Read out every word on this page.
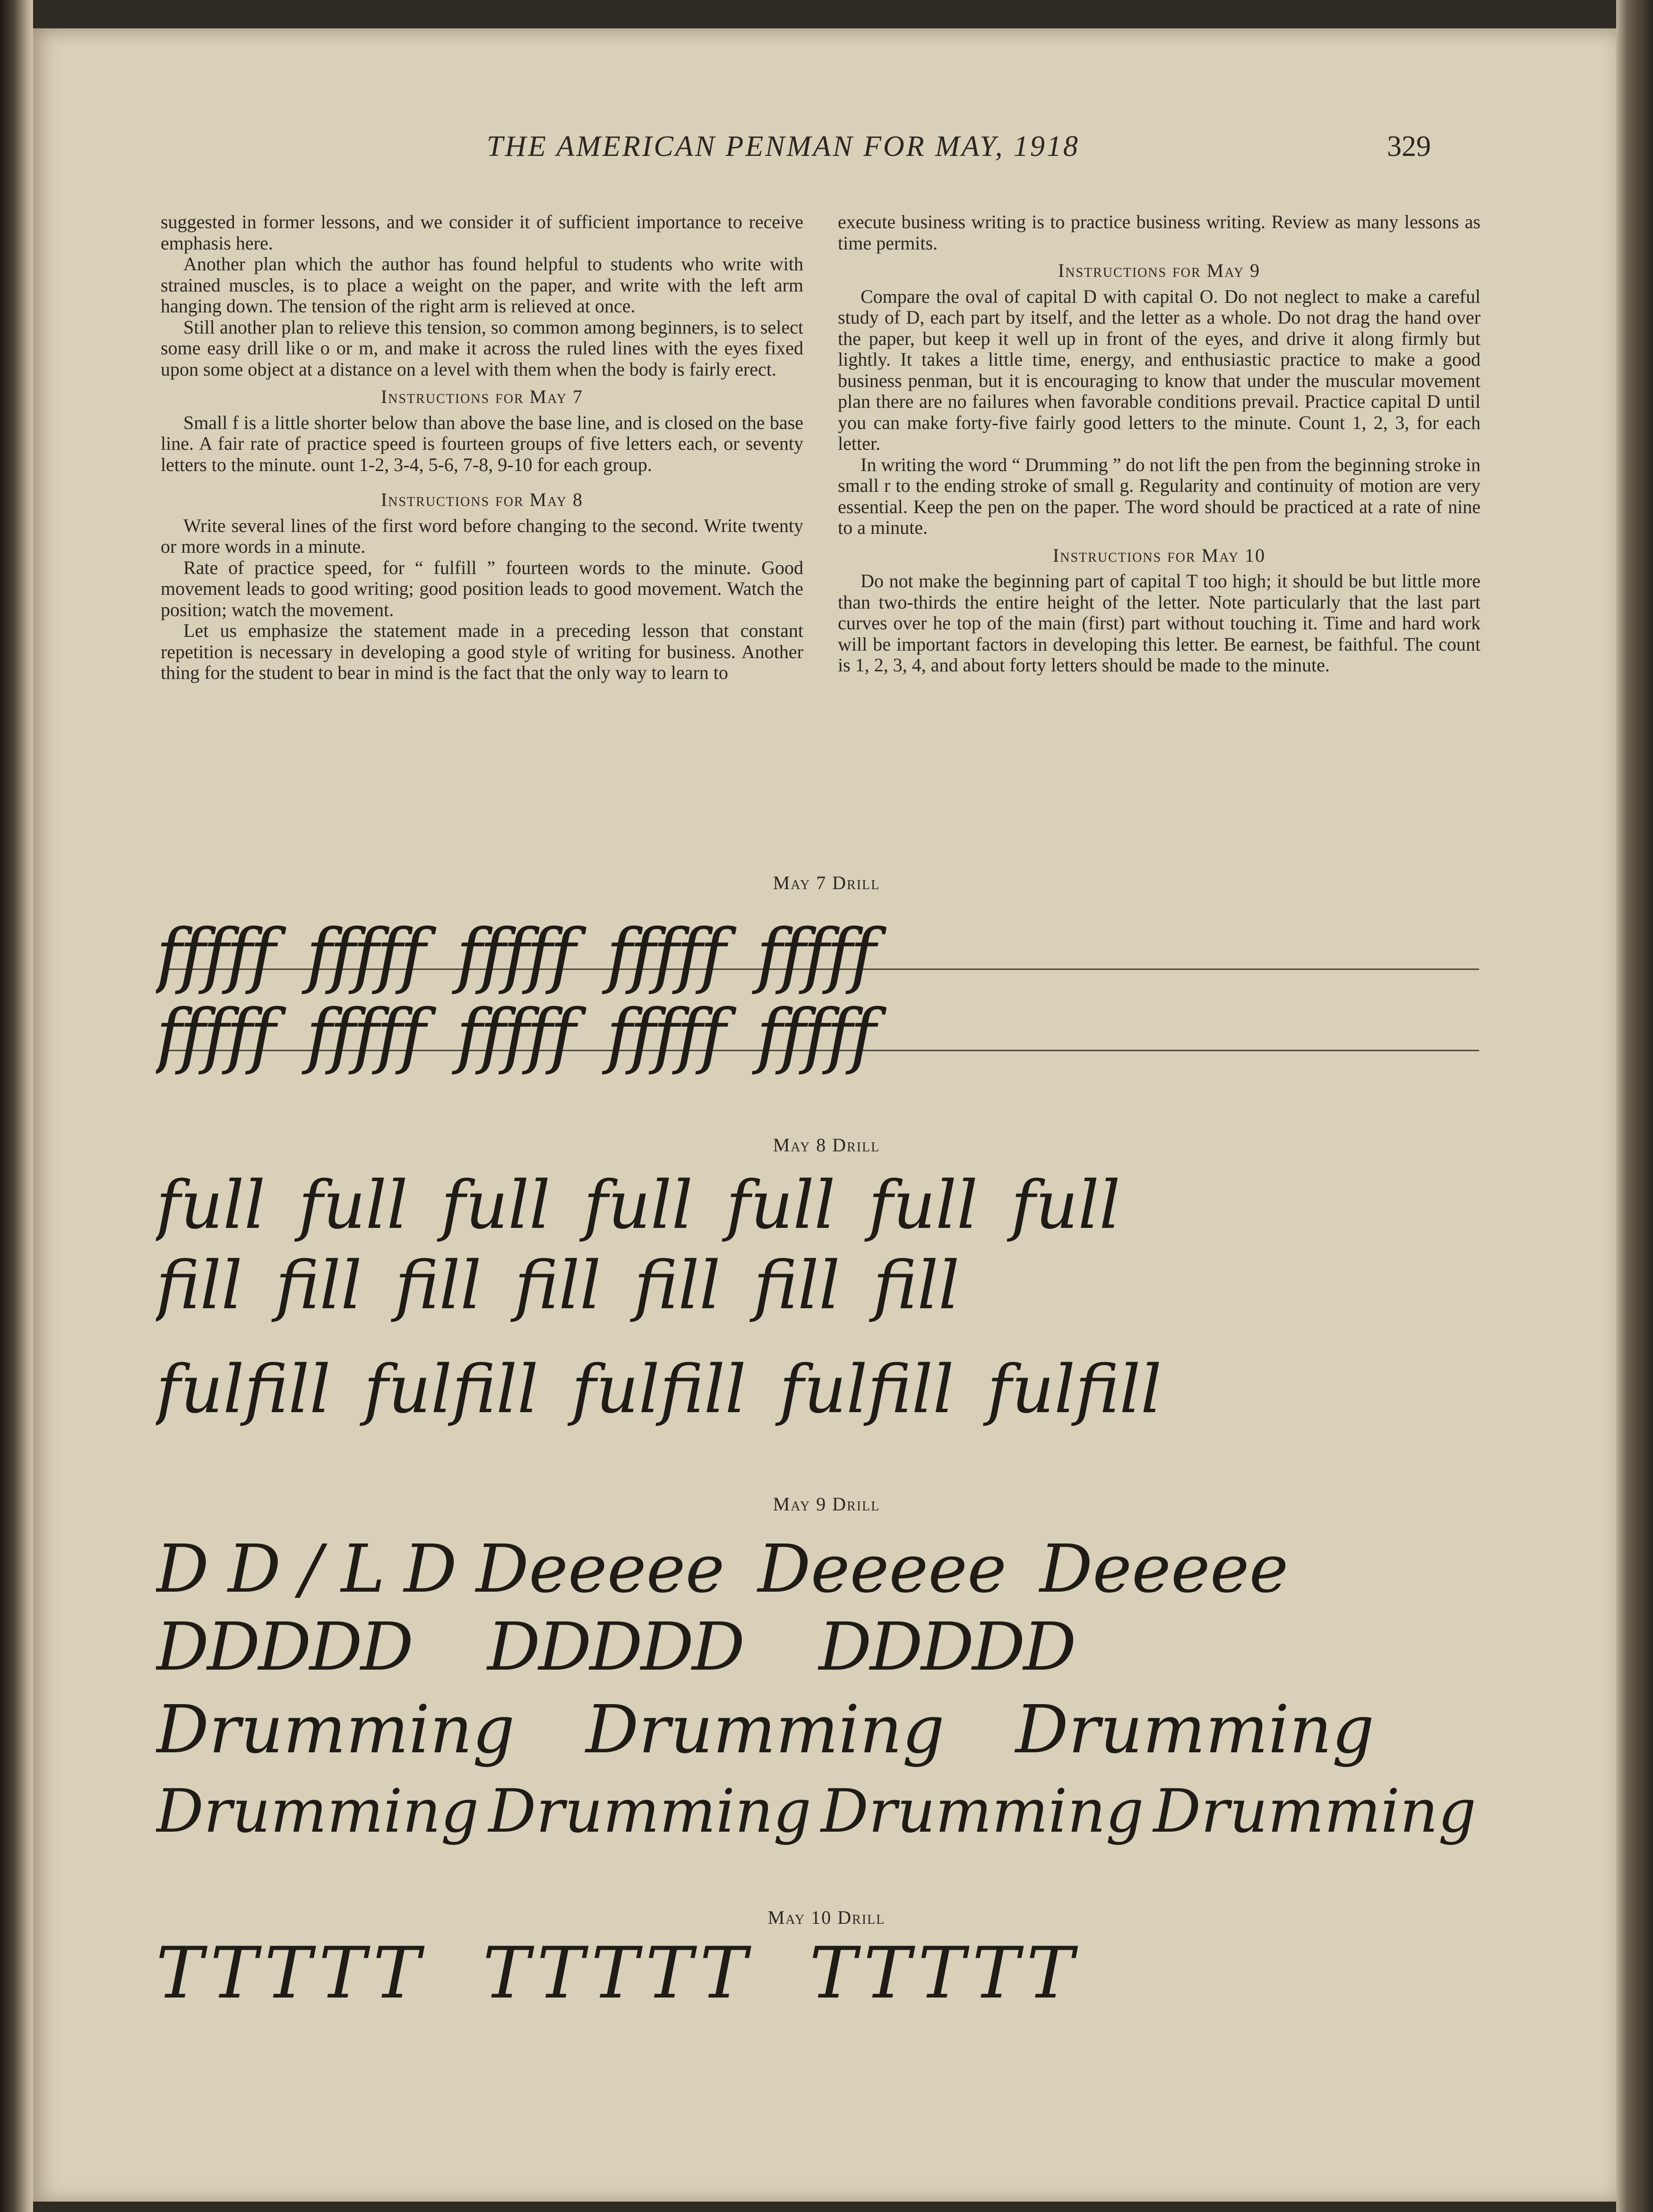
THE AMERICAN PENMAN FOR MAY, 1918	329

suggested in former lessons, and we consider it of sufficient importance to receive emphasis here.

Another plan which the author has found helpful to students who write with strained muscles, is to place a weight on the paper, and write with the left arm hanging down. The tension of the right arm is relieved at once.

Still another plan to relieve this tension, so common among beginners, is to select some easy drill like o or m, and make it across the ruled lines with the eyes fixed upon some object at a distance on a level with them when the body is fairly erect.

Instructions for May 7

Small f is a little shorter below than above the base line, and is closed on the base line. A fair rate of practice speed is fourteen groups of five letters each, or seventy letters to the minute. ount 1-2, 3-4, 5-6, 7-8, 9-10 for each group.

Instructions for May 8

Write several lines of the first word before changing to the second. Write twenty or more words in a minute.

Rate of practice speed, for “ fulfill ” fourteen words to the minute. Good movement leads to good writing; good position leads to good movement. Watch the position; watch the movement.

Let us emphasize the statement made in a preceding lesson that constant repetition is necessary in developing a good style of writing for business. Another thing for the student to bear in mind is the fact that the only way to learn to

execute business writing is to practice business writing. Review as many lessons as time permits.

Instructions for May 9

Compare the oval of capital D with capital O. Do not neglect to make a careful study of D, each part by itself, and the letter as a whole. Do not drag the hand over the paper, but keep it well up in front of the eyes, and drive it along firmly but lightly. It takes a little time, energy, and enthusiastic practice to make a good business penman, but it is encouraging to know that under the muscular movement plan there are no failures when favorable conditions prevail. Practice capital D until you can make forty-five fairly good letters to the minute. Count 1, 2, 3, for each letter.

In writing the word “ Drumming ” do not lift the pen from the beginning stroke in small r to the ending stroke of small g. Regularity and continuity of motion are very essential. Keep the pen on the paper. The word should be practiced at a rate of nine to a minute.

Instructions for May 10

Do not make the beginning part of capital T too high; it should be but little more than two-thirds the entire height of the letter. Note particularly that the last part curves over he top of the main (first) part without touching it. Time and hard work will be important factors in developing this letter. Be earnest, be faithful. The count is 1, 2, 3, 4, and about forty letters should be made to the minute.

May 7 Drill
fffff fffff fffff fffff fffff
fffff fffff fffff fffff fffff
May 8 Drill
full full full full full full full
fill fill fill fill fill fill fill
fulfill fulfill fulfill fulfill fulfill
May 9 Drill
D D / L D Deeeee Deeeee Deeeee
DDDDD DDDDD DDDDD
Drumming Drumming Drumming
Drumming Drumming Drumming Drumming
May 10 Drill
TTTTT TTTTT TTTTT
